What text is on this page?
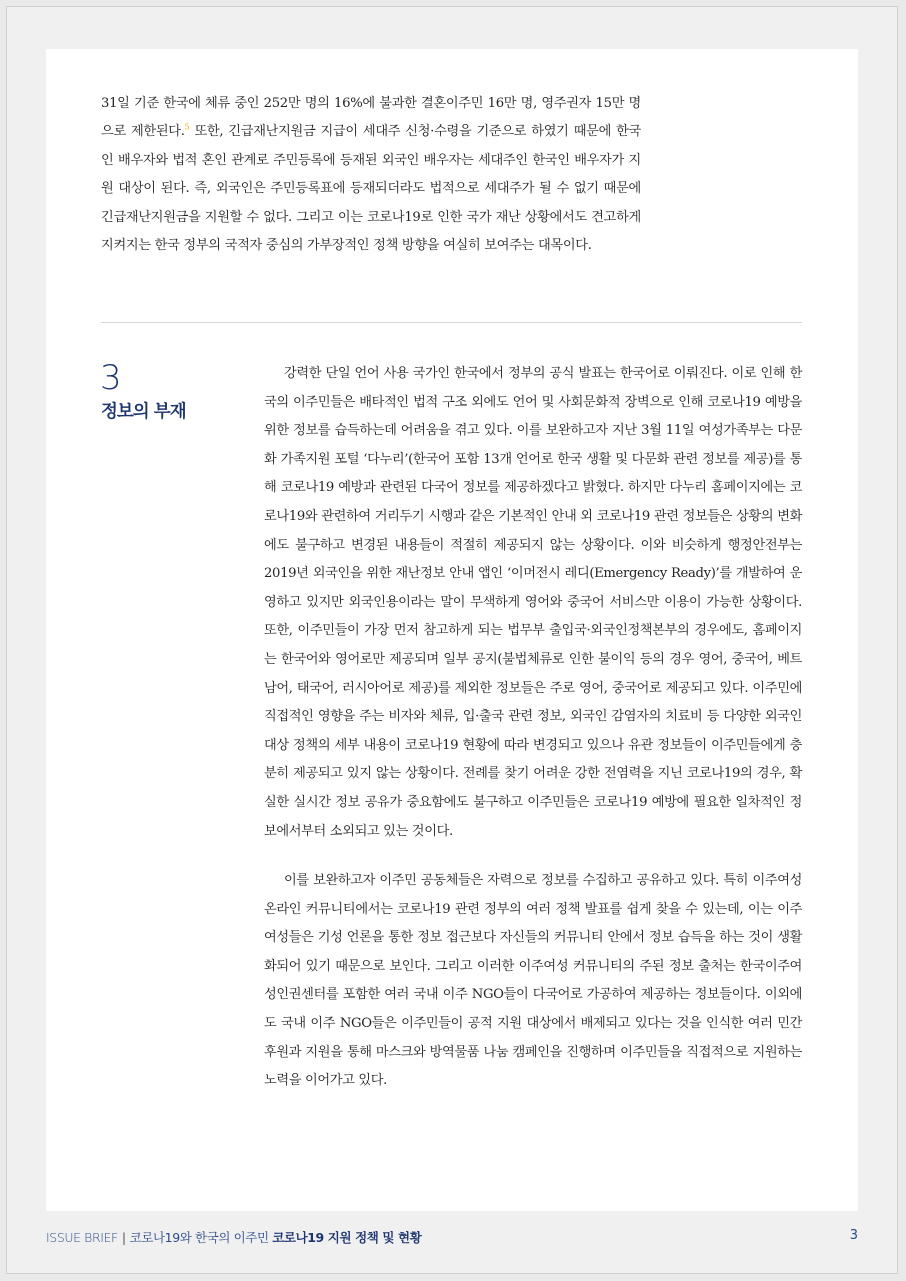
31일 기준 한국에 체류 중인 252만 명의 16%에 불과한 결혼이주민 16만 명, 영주권자 15만 명으로 제한된다.$^5$ 또한, 긴급재난지원금 지급이 세대주 신청·수령을 기준으로 하였기 때문에 한국인 배우자와 법적 혼인 관계로 주민등록에 등재된 외국인 배우자는 세대주인 한국인 배우자가 지원 대상이 된다. 즉, 외국인은 주민등록표에 등재되더라도 법적으로 세대주가 될 수 없기 때문에 긴급재난지원금을 지원할 수 없다. 그리고 이는 코로나19로 인한 국가 재난 상황에서도 견고하게 지켜지는 한국 정부의 국적자 중심의 가부장적인 정책 방향을 여실히 보여주는 대목이다.

3
정보의 부재

강력한 단일 언어 사용 국가인 한국에서 정부의 공식 발표는 한국어로 이뤄진다. 이로 인해 한국의 이주민들은 배타적인 법적 구조 외에도 언어 및 사회문화적 장벽으로 인해 코로나19 예방을 위한 정보를 습득하는데 어려움을 겪고 있다. 이를 보완하고자 지난 3월 11일 여성가족부는 다문화 가족지원 포털 ‘다누리’(한국어 포함 13개 언어로 한국 생활 및 다문화 관련 정보를 제공)를 통해 코로나19 예방과 관련된 다국어 정보를 제공하겠다고 밝혔다. 하지만 다누리 홈페이지에는 코로나19와 관련하여 거리두기 시행과 같은 기본적인 안내 외 코로나19 관련 정보들은 상황의 변화에도 불구하고 변경된 내용들이 적절히 제공되지 않는 상황이다. 이와 비슷하게 행정안전부는 2019년 외국인을 위한 재난정보 안내 앱인 ‘이머전시 레디(Emergency Ready)’를 개발하여 운영하고 있지만 외국인용이라는 말이 무색하게 영어와 중국어 서비스만 이용이 가능한 상황이다. 또한, 이주민들이 가장 먼저 참고하게 되는 법무부 출입국·외국인정책본부의 경우에도, 홈페이지는 한국어와 영어로만 제공되며 일부 공지(불법체류로 인한 불이익 등의 경우 영어, 중국어, 베트남어, 태국어, 러시아어로 제공)를 제외한 정보들은 주로 영어, 중국어로 제공되고 있다. 이주민에 직접적인 영향을 주는 비자와 체류, 입·출국 관련 정보, 외국인 감염자의 치료비 등 다양한 외국인 대상 정책의 세부 내용이 코로나19 현황에 따라 변경되고 있으나 유관 정보들이 이주민들에게 충분히 제공되고 있지 않는 상황이다. 전례를 찾기 어려운 강한 전염력을 지닌 코로나19의 경우, 확실한 실시간 정보 공유가 중요함에도 불구하고 이주민들은 코로나19 예방에 필요한 일차적인 정보에서부터 소외되고 있는 것이다.

이를 보완하고자 이주민 공동체들은 자력으로 정보를 수집하고 공유하고 있다. 특히 이주여성 온라인 커뮤니티에서는 코로나19 관련 정부의 여러 정책 발표를 쉽게 찾을 수 있는데, 이는 이주여성들은 기성 언론을 통한 정보 접근보다 자신들의 커뮤니티 안에서 정보 습득을 하는 것이 생활화되어 있기 때문으로 보인다. 그리고 이러한 이주여성 커뮤니티의 주된 정보 출처는 한국이주여성인권센터를 포함한 여러 국내 이주 NGO들이 다국어로 가공하여 제공하는 정보들이다. 이외에도 국내 이주 NGO들은 이주민들이 공적 지원 대상에서 배제되고 있다는 것을 인식한 여러 민간 후원과 지원을 통해 마스크와 방역물품 나눔 캠페인을 진행하며 이주민들을 직접적으로 지원하는 노력을 이어가고 있다.

ISSUE BRIEF | 코로나19와 한국의 이주민 코로나19 지원 정책 및 현황	3
